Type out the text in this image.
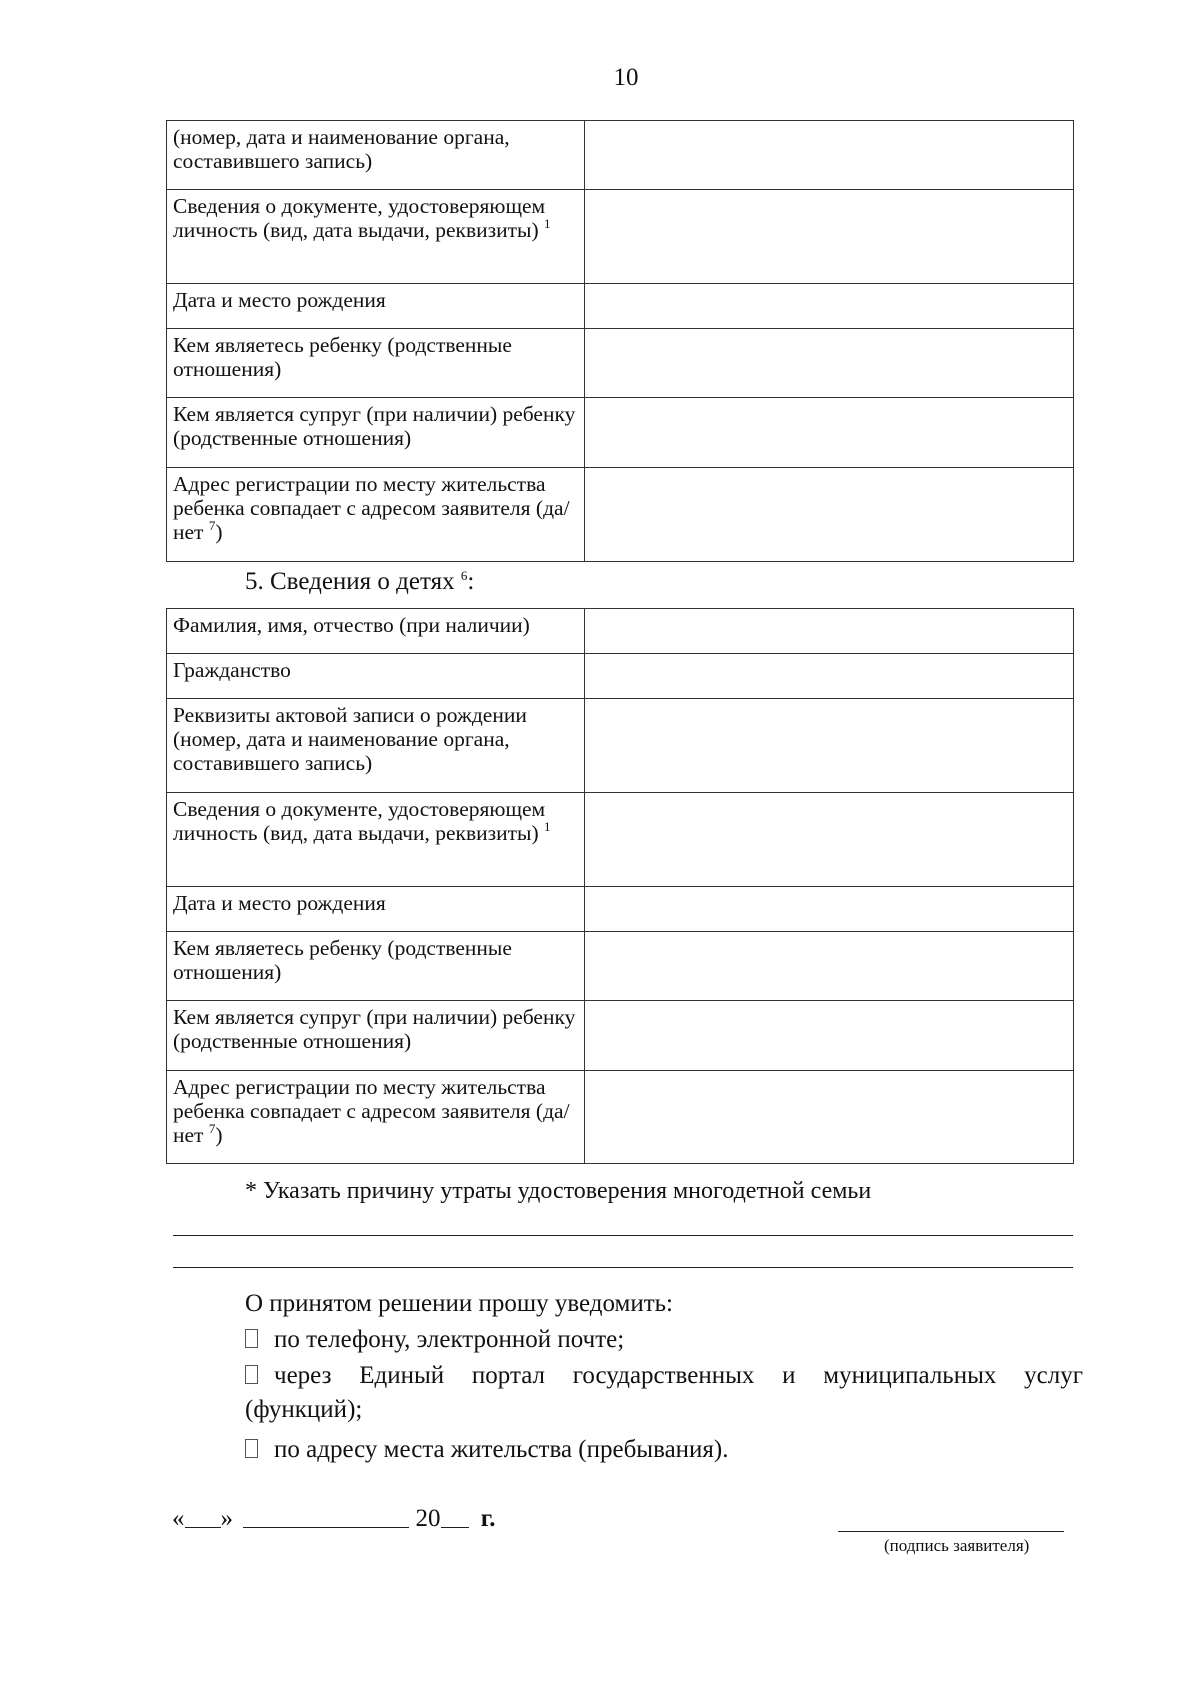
10
(номер, дата и наименование органа, составившего запись)	
Сведения о документе, удостоверяющем личность (вид, дата выдачи, реквизиты) $^1$	
Дата и место рождения	
Кем являетесь ребенку (родственные отношения)	
Кем является супруг (при наличии) ребенку (родственные отношения)	
Адрес регистрации по месту жительства ребенка совпадает с адресом заявителя (да/ нет $^7$)	
5. Сведения о детях $^6$:
Фамилия, имя, отчество (при наличии)	
Гражданство	
Реквизиты актовой записи о рождении (номер, дата и наименование органа, составившего запись)	
Сведения о документе, удостоверяющем личность (вид, дата выдачи, реквизиты) $^1$	
Дата и место рождения	
Кем являетесь ребенку (родственные отношения)	
Кем является супруг (при наличии) ребенку (родственные отношения)	
Адрес регистрации по месту жительства ребенка совпадает с адресом заявителя (да/ нет $^7$)	
* Указать причину утраты удостоверения многодетной семьи
О принятом решении прошу уведомить:
по телефону, электронной почте;
через Единый портал государственных и муниципальных услуг
(функций);
по адресу места жительства (пребывания).
« »	20 г.
(подпись заявителя)
